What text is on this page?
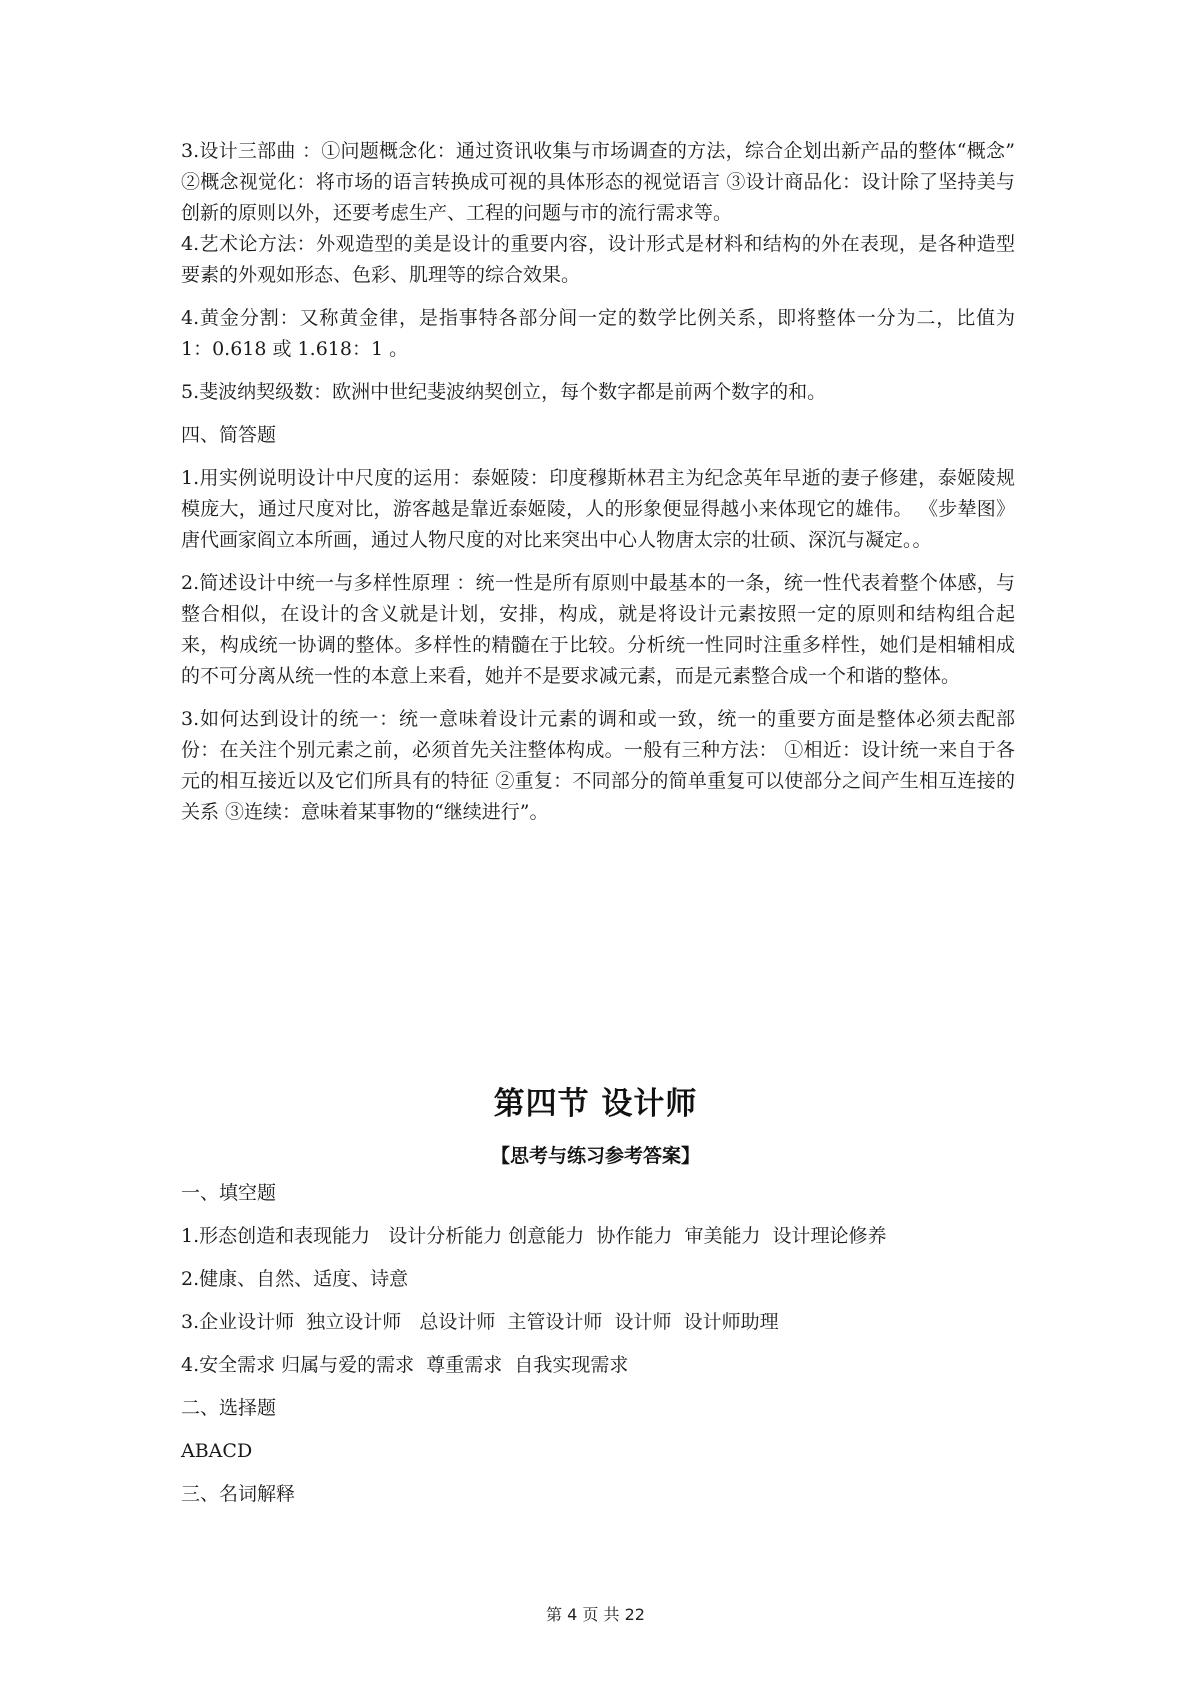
3.设计三部曲 ：①问题概念化：通过资讯收集与市场调查的方法，综合企划出新产品的整体“概念” ②概念视觉化：将市场的语言转换成可视的具体形态的视觉语言 ③设计商品化：设计除了坚持美与创新的原则以外，还要考虑生产、工程的问题与市的流行需求等。

4.艺术论方法：外观造型的美是设计的重要内容，设计形式是材料和结构的外在表现，是各种造型要素的外观如形态、色彩、肌理等的综合效果。

4.黄金分割：又称黄金律，是指事特各部分间一定的数学比例关系，即将整体一分为二，比值为 1：0.618 或 1.618：1 。

5.斐波纳契级数：欧洲中世纪斐波纳契创立，每个数字都是前两个数字的和。

四、简答题

1.用实例说明设计中尺度的运用：泰姬陵：印度穆斯林君主为纪念英年早逝的妻子修建，泰姬陵规模庞大，通过尺度对比，游客越是靠近泰姬陵，人的形象便显得越小来体现它的雄伟。 《步辇图》唐代画家阎立本所画，通过人物尺度的对比来突出中心人物唐太宗的壮硕、深沉与凝定。。

2.简述设计中统一与多样性原理 ：统一性是所有原则中最基本的一条，统一性代表着整个体感，与整合相似，在设计的含义就是计划，安排，构成，就是将设计元素按照一定的原则和结构组合起来，构成统一协调的整体。多样性的精髓在于比较。分析统一性同时注重多样性，她们是相辅相成的不可分离从统一性的本意上来看，她并不是要求减元素，而是元素整合成一个和谐的整体。

3.如何达到设计的统一：统一意味着设计元素的调和或一致，统一的重要方面是整体必须去配部份：在关注个别元素之前，必须首先关注整体构成。一般有三种方法： ①相近：设计统一来自于各元的相互接近以及它们所具有的特征 ②重复：不同部分的简单重复可以使部分之间产生相互连接的关系 ③连续：意味着某事物的“继续进行”。

第四节 设计师
【思考与练习参考答案】

一、填空题

1.形态创造和表现能力   设计分析能力 创意能力  协作能力  审美能力  设计理论修养

2.健康、自然、适度、诗意

3.企业设计师  独立设计师   总设计师  主管设计师  设计师  设计师助理

4.安全需求 归属与爱的需求  尊重需求  自我实现需求

二、选择题

ABACD

三、名词解释

第 4 页 共 22
